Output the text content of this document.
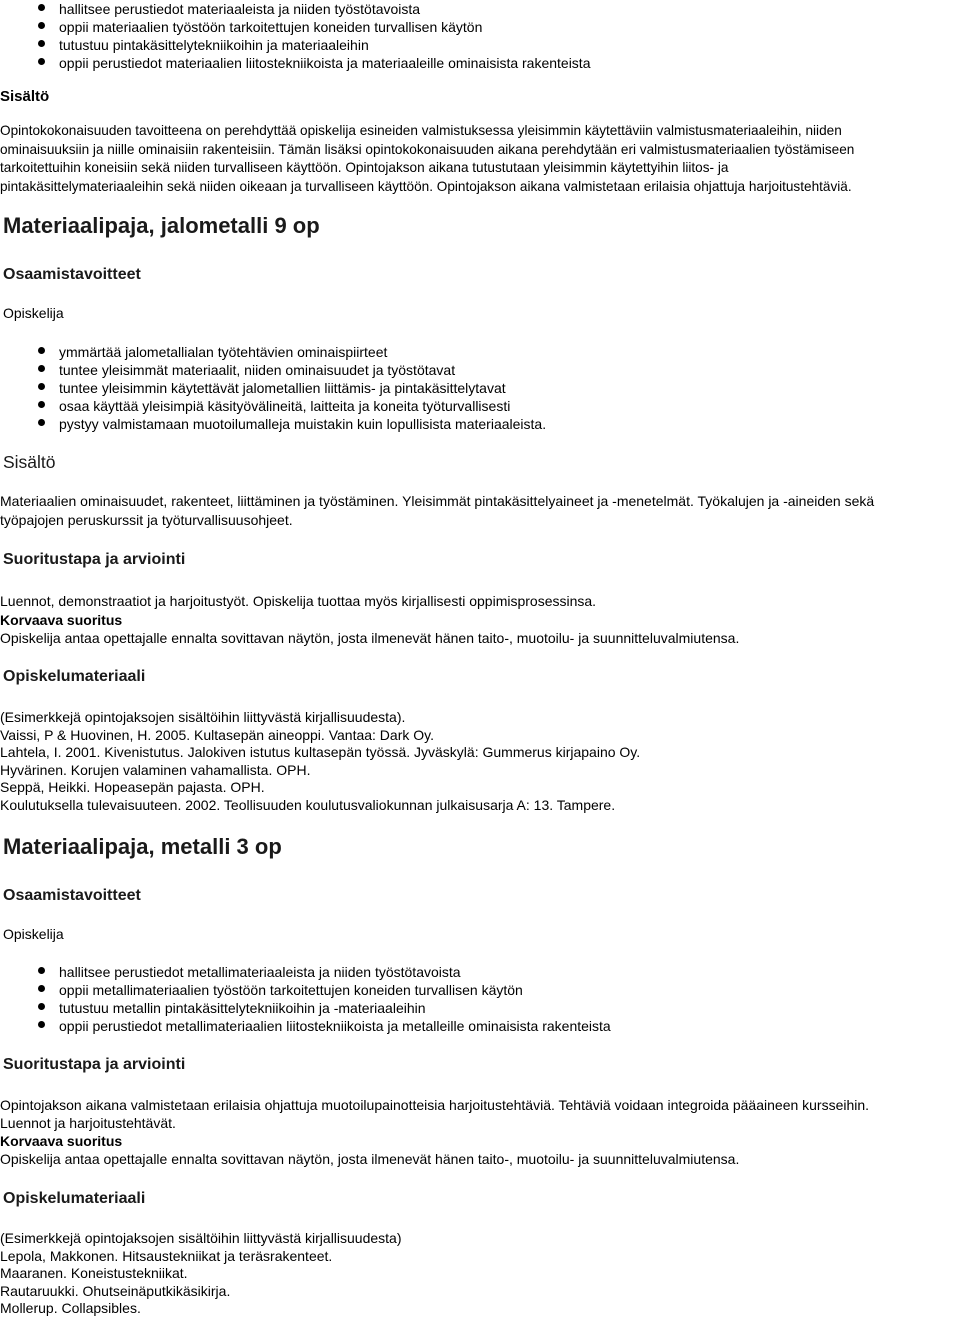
hallitsee perustiedot materiaaleista ja niiden työstötavoista
oppii materiaalien työstöön tarkoitettujen koneiden turvallisen käytön
tutustuu pintakäsittelytekniikoihin ja materiaaleihin
oppii perustiedot materiaalien liitostekniikoista ja materiaaleille ominaisista rakenteista
Sisältö
Opintokokonaisuuden tavoitteena on perehdyttää opiskelija esineiden valmistuksessa yleisimmin käytettäviin valmistusmateriaaleihin, niiden
ominaisuuksiin ja niille ominaisiin rakenteisiin. Tämän lisäksi opintokokonaisuuden aikana perehdytään eri valmistusmateriaalien työstämiseen
tarkoitettuihin koneisiin sekä niiden turvalliseen käyttöön. Opintojakson aikana tutustutaan yleisimmin käytettyihin liitos- ja
pintakäsittelymateriaaleihin sekä niiden oikeaan ja turvalliseen käyttöön. Opintojakson aikana valmistetaan erilaisia ohjattuja harjoitustehtäviä.
Materiaalipaja, jalometalli 9 op
Osaamistavoitteet
Opiskelija
ymmärtää jalometallialan työtehtävien ominaispiirteet
tuntee yleisimmät materiaalit, niiden ominaisuudet ja työstötavat
tuntee yleisimmin käytettävät jalometallien liittämis- ja pintakäsittelytavat
osaa käyttää yleisimpiä käsityövälineitä, laitteita ja koneita työturvallisesti
pystyy valmistamaan muotoilumalleja muistakin kuin lopullisista materiaaleista.
Sisältö
Materiaalien ominaisuudet, rakenteet, liittäminen ja työstäminen. Yleisimmät pintakäsittelyaineet ja -menetelmät. Työkalujen ja -aineiden sekä
työpajojen peruskurssit ja työturvallisuusohjeet.
Suoritustapa ja arviointi
Luennot, demonstraatiot ja harjoitustyöt. Opiskelija tuottaa myös kirjallisesti oppimisprosessinsa.
Korvaava suoritus
Opiskelija antaa opettajalle ennalta sovittavan näytön, josta ilmenevät hänen taito-, muotoilu- ja suunnitteluvalmiutensa.
Opiskelumateriaali
(Esimerkkejä opintojaksojen sisältöihin liittyvästä kirjallisuudesta).
Vaissi, P & Huovinen, H. 2005. Kultasepän aineoppi. Vantaa: Dark Oy.
Lahtela, I. 2001. Kivenistutus. Jalokiven istutus kultasepän työssä. Jyväskylä: Gummerus kirjapaino Oy.
Hyvärinen. Korujen valaminen vahamallista. OPH.
Seppä, Heikki. Hopeasepän pajasta. OPH.
Koulutuksella tulevaisuuteen. 2002. Teollisuuden koulutusvaliokunnan julkaisusarja A: 13. Tampere.
Materiaalipaja, metalli 3 op
Osaamistavoitteet
Opiskelija
hallitsee perustiedot metallimateriaaleista ja niiden työstötavoista
oppii metallimateriaalien työstöön tarkoitettujen koneiden turvallisen käytön
tutustuu metallin pintakäsittelytekniikoihin ja -materiaaleihin
oppii perustiedot metallimateriaalien liitostekniikoista ja metalleille ominaisista rakenteista
Suoritustapa ja arviointi
Opintojakson aikana valmistetaan erilaisia ohjattuja muotoilupainotteisia harjoitustehtäviä. Tehtäviä voidaan integroida pääaineen kursseihin.
Luennot ja harjoitustehtävät.
Korvaava suoritus
Opiskelija antaa opettajalle ennalta sovittavan näytön, josta ilmenevät hänen taito-, muotoilu- ja suunnitteluvalmiutensa.
Opiskelumateriaali
(Esimerkkejä opintojaksojen sisältöihin liittyvästä kirjallisuudesta)
Lepola, Makkonen. Hitsaustekniikat ja teräsrakenteet.
Maaranen. Koneistustekniikat.
Rautaruukki. Ohutseinäputkikäsikirja.
Mollerup. Collapsibles.
